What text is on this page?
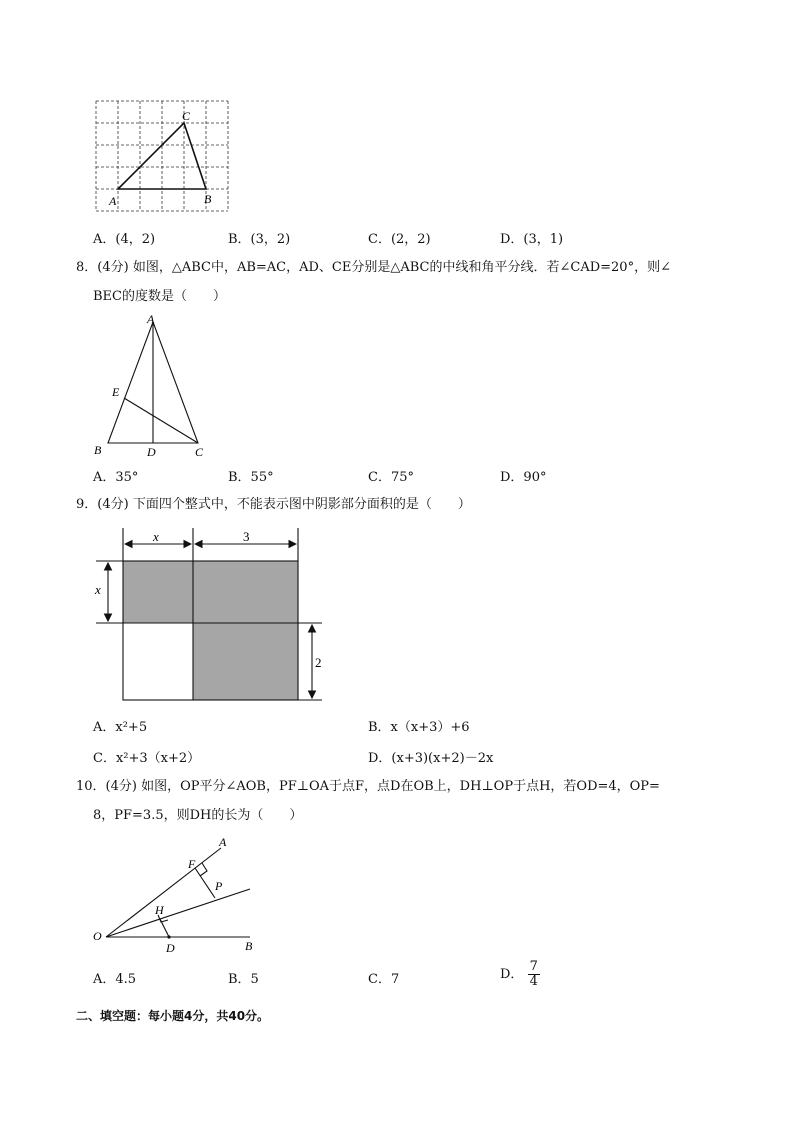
C
A	B
A．(4，2)	B．(3，2)	C．(2，2)	D．(3，1)
8．(4分) 如图，△ABC中，AB=AC，AD、CE分别是△ABC的中线和角平分线．若∠CAD=20°，则∠
BEC的度数是（　　）
A
E
B	D	C
A．35°	B．55°	C．75°	D．90°
9．(4分) 下面四个整式中，不能表示图中阴影部分面积的是（　　）
x	3
x
2
A．x²+5	B．x（x+3）+6
C．x²+3（x+2）	D．(x+3)(x+2)－2x
10．(4分) 如图，OP平分∠AOB，PF⊥OA于点F，点D在OB上，DH⊥OP于点H，若OD=4，OP=
8，PF=3.5，则DH的长为（　　）
A
F
P
H
O
D	B
A．4.5	B．5	C．7	D． $\frac{7}{4}$
二、填空题：每小题4分，共40分。
